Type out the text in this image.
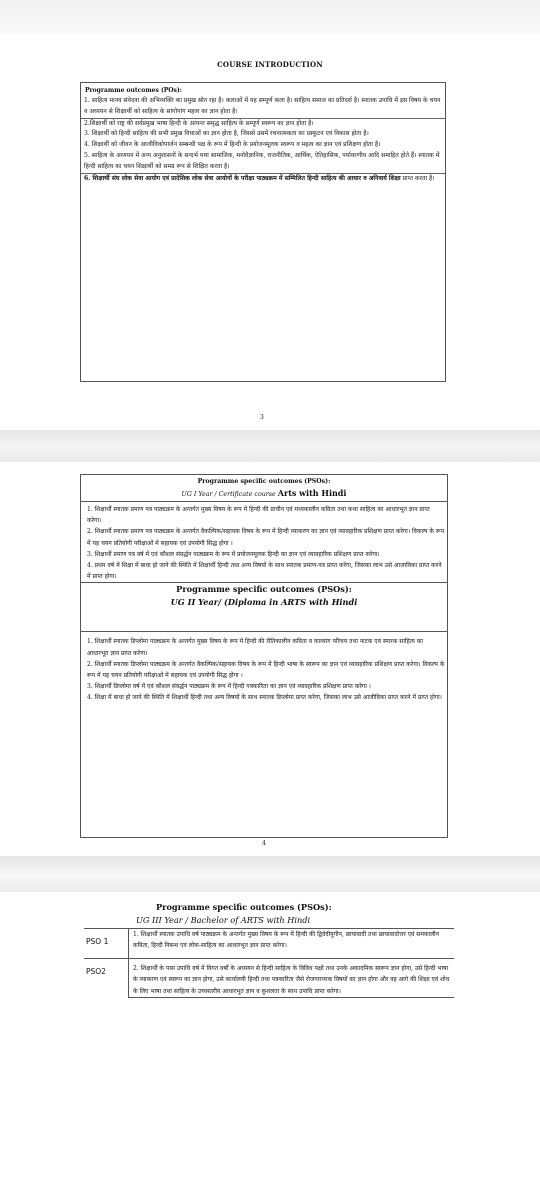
COURSE INTRODUCTION
Programme outcomes (POs):
1. साहित्य मानव संवेदना की अभिव्यक्ति का प्रमुख स्रोत रहा है। कलाओं में यह सम्पूर्ण कला है। साहित्य समाज का प्रतिदर्श है। स्नातक उपाधि में इस विषय के चयन व अध्ययन से शिक्षार्थी को साहित्य के सांगोपांग महत्व का ज्ञान होता है।
2.शिक्षार्थी को राष्ट्र की सर्वप्रमुख भाषा हिन्दी के अत्यन्त समृद्ध साहित्य के सम्पूर्ण स्वरूप का ज्ञान होता है।
3. शिक्षार्थी को हिन्दी साहित्य की सभी प्रमुख विधाओं का ज्ञान होता है, जिससे उसमें रचनात्मकता का प्रस्फुटन एवं विकास होता है।
4. शिक्षार्थी को जीवन के आजीविकोपार्जन सम्बन्धी पक्ष के रूप में हिन्दी के प्रयोजनमूलक स्वरूप व महत्व का ज्ञान एवं प्रशिक्षण होता है।
5. साहित्य के अध्ययन में अन्य अनुशासनों के सन्दर्भ यथा सामाजिक, मनोवैज्ञानिक, राजनीतिक, आर्थिक, ऐतिहासिक, पर्यावरणीय आदि समाहित होते हैं। स्नातक में हिन्दी साहित्य का चयन शिक्षार्थी को समग्र रूप से शिक्षित करता है।
6. शिक्षार्थी संघ लोक सेवा आयोग एवं प्रादेशिक लोक सेवा आयोगों के परीक्षा पाठ्यक्रम में सम्मिलित हिन्दी साहित्य की आधार व अनिवार्य शिक्षा प्राप्त करता है।
3
Programme specific outcomes (PSOs):
UG I Year / Certificate course Arts with Hindi
1. शिक्षार्थी स्नातक प्रमाण पत्र पाठ्यक्रम के अन्तर्गत मुख्य विषय के रूप में हिन्दी की प्राचीन एवं मध्यकालीन कविता तथा कथा साहित्य का आधारभूत ज्ञान प्राप्त करेगा।
2. शिक्षार्थी स्नातक प्रमाण पत्र पाठ्यक्रम के अन्तर्गत वैकल्पिक/सहायक विषय के रूप में हिन्दी व्याकरण का ज्ञान एवं व्यावहारिक प्रशिक्षण प्राप्त करेगा। विकल्प के रूप में यह चयन प्रतियोगी परीक्षाओं में सहायक एवं उपयोगी सिद्ध होगा ।
3. शिक्षार्थी प्रमाण पत्र वर्ष में एवं कौशल संवर्द्धन पाठ्यक्रम के रूप में प्रयोजनमूलक हिन्दी का ज्ञान एवं व्यावहारिक प्रशिक्षण प्राप्त करेगा।
4. प्रथम वर्ष में शिक्षा में बाधा हो जाने की स्थिति में शिक्षार्थी हिन्दी तथा अन्य विषयों के साथ स्नातक प्रमाण-पत्र प्राप्त करेगा, जिसका लाभ उसे आजाविका प्राप्त करने में प्राप्त होगा।
Programme specific outcomes (PSOs):
UG II Year/ (Diploma in ARTS with Hindi
1. शिक्षार्थी स्नातक डिप्लोमा पाठ्यक्रम के अन्तर्गत मुख्य विषय के रूप में हिन्दी की रीतिकालीन कविता व काव्यांग परिचय तथा नाटक एवं स्मारक साहित्य का आधारभूत ज्ञान प्राप्त करेगा।
2. शिक्षार्थी स्नातक डिप्लोमा पाठ्यक्रम के अन्तर्गत वैकल्पिक/सहायक विषय के रूप में हिन्दी भाषा के स्वरूप का ज्ञान एवं व्यावहारिक प्रशिक्षण प्राप्त करेगा। विकल्प के रूप में यह चयन प्रतियोगी परीक्षाओं में सहायक एवं उपयोगी सिद्ध होगा ।
3. शिक्षार्थी डिप्लोमा वर्ष में एवं कौशल संवर्द्धन पाठ्यक्रम के रूप में हिन्दी पत्रकारिता का ज्ञान एवं व्यावहारिक प्रशिक्षण प्राप्त करेगा ।
4. शिक्षा में बाधा हो जाने की स्थिति में शिक्षार्थी हिन्दी तथा अन्य विषयों के साथ स्नातक डिप्लोमा प्राप्त करेगा, जिसका लाभ उसे आजीविका प्राप्त करने में प्राप्त होगा।
4
Programme specific outcomes (PSOs):
UG III Year / Bachelor of ARTS with Hindi
PSO 1
1. शिक्षार्थी स्नातक उपाधि वर्ष पाठ्यक्रम के अन्तर्गत मुख्य विषय के रूप में हिन्दी की द्विवेदीयुगीन, छायावादी तथा छायावादोत्तर एवं समकालीन कविता, हिन्दी निबन्ध एवं लोक-साहित्य का आधारभूत ज्ञान प्राप्त करेगा।
PSO2	2. शिक्षार्थी के पास उपाधि वर्ष में विगत वर्षों के अध्ययन से हिन्दी साहित्य के विविध पक्षों तथा उनके अकादमिक स्वरूप ज्ञान होगा, उसे हिन्दी भाषा के व्याकरण एवं स्वरूप का ज्ञान होगा, उसे कार्यालयी हिन्दी तथा पत्रकारिता जैसे रोजगारपरक विषयों का ज्ञान होगा और वह आगे की शिक्षा एवं शोध के लिए भाषा तथा साहित्य के उच्चस्तरीय आधारभूत ज्ञान व कुशलता के साथ उपाधि प्राप्त करेगा।
